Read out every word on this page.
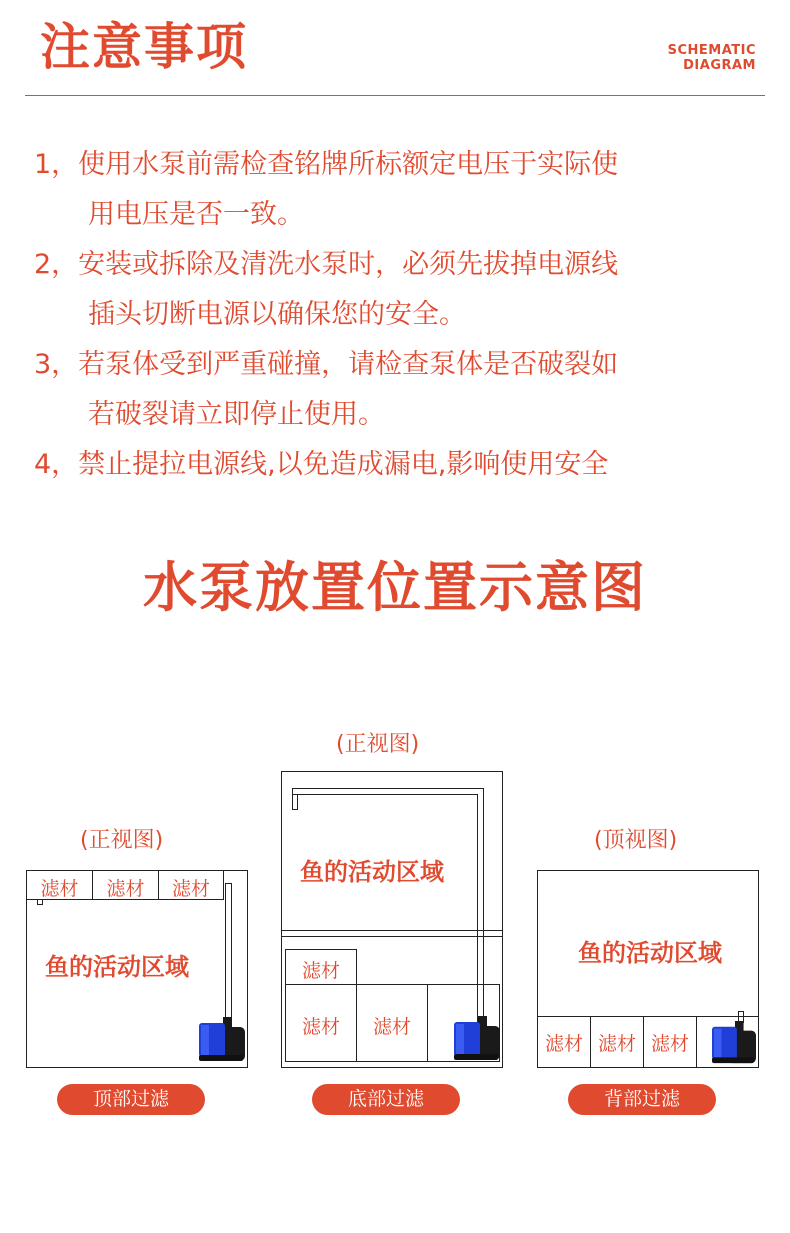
注意事项	SCHEMATIC
DIAGRAM
1，使用水泵前需检查铭牌所标额定电压于实际使
用电压是否一致。
2，安装或拆除及清洗水泵时，必须先拔掉电源线
插头切断电源以确保您的安全。
3，若泵体受到严重碰撞，请检查泵体是否破裂如
若破裂请立即停止使用。
4，禁止提拉电源线,以免造成漏电,影响使用安全
水泵放置位置示意图
(正视图)
滤材	滤材	滤材
鱼的活动区域
顶部过滤
(正视图)
鱼的活动区域
滤材
滤材	滤材
底部过滤
(顶视图)
鱼的活动区域
滤材 滤材 滤材
背部过滤
